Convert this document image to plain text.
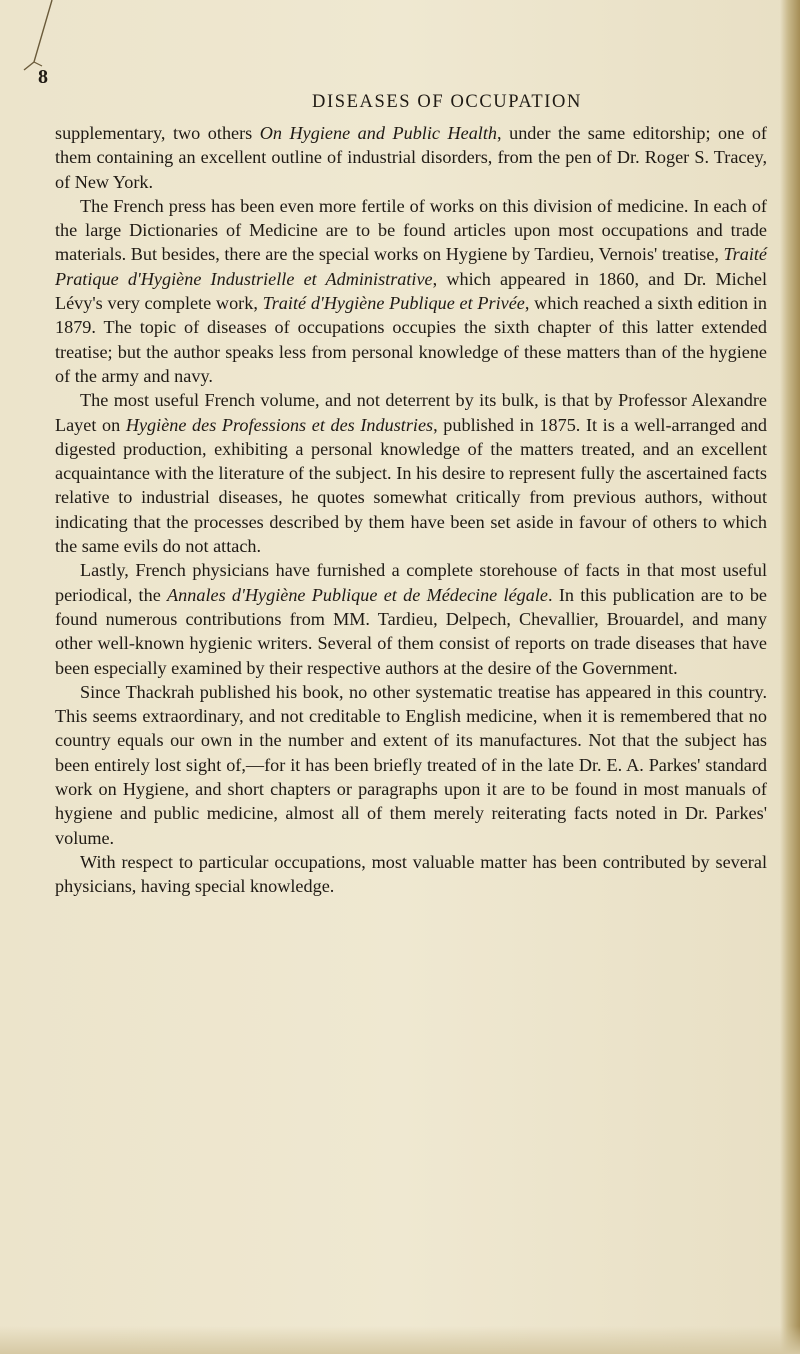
8
DISEASES OF OCCUPATION

supplementary, two others On Hygiene and Public Health, under the same editorship; one of them containing an excellent outline of industrial disorders, from the pen of Dr. Roger S. Tracey, of New York.

The French press has been even more fertile of works on this division of medicine. In each of the large Dictionaries of Medicine are to be found articles upon most occupations and trade materials. But besides, there are the special works on Hygiene by Tardieu, Vernois' treatise, Traité Pratique d'Hygiène Industrielle et Administrative, which appeared in 1860, and Dr. Michel Lévy's very complete work, Traité d'Hygiène Publique et Privée, which reached a sixth edition in 1879. The topic of diseases of occupations occupies the sixth chapter of this latter extended treatise; but the author speaks less from personal knowledge of these matters than of the hygiene of the army and navy.

The most useful French volume, and not deterrent by its bulk, is that by Professor Alexandre Layet on Hygiène des Professions et des Industries, published in 1875. It is a well-arranged and digested production, exhibiting a personal knowledge of the matters treated, and an excellent acquaintance with the literature of the subject. In his desire to represent fully the ascertained facts relative to industrial diseases, he quotes somewhat critically from previous authors, without indicating that the processes described by them have been set aside in favour of others to which the same evils do not attach.

Lastly, French physicians have furnished a complete storehouse of facts in that most useful periodical, the Annales d'Hygiène Publique et de Médecine légale. In this publication are to be found numerous contributions from MM. Tardieu, Delpech, Chevallier, Brouardel, and many other well-known hygienic writers. Several of them consist of reports on trade diseases that have been especially examined by their respective authors at the desire of the Government.

Since Thackrah published his book, no other systematic treatise has appeared in this country. This seems extraordinary, and not creditable to English medicine, when it is remembered that no country equals our own in the number and extent of its manufactures. Not that the subject has been entirely lost sight of,—for it has been briefly treated of in the late Dr. E. A. Parkes' standard work on Hygiene, and short chapters or paragraphs upon it are to be found in most manuals of hygiene and public medicine, almost all of them merely reiterating facts noted in Dr. Parkes' volume.

With respect to particular occupations, most valuable matter has been contributed by several physicians, having special knowledge.
